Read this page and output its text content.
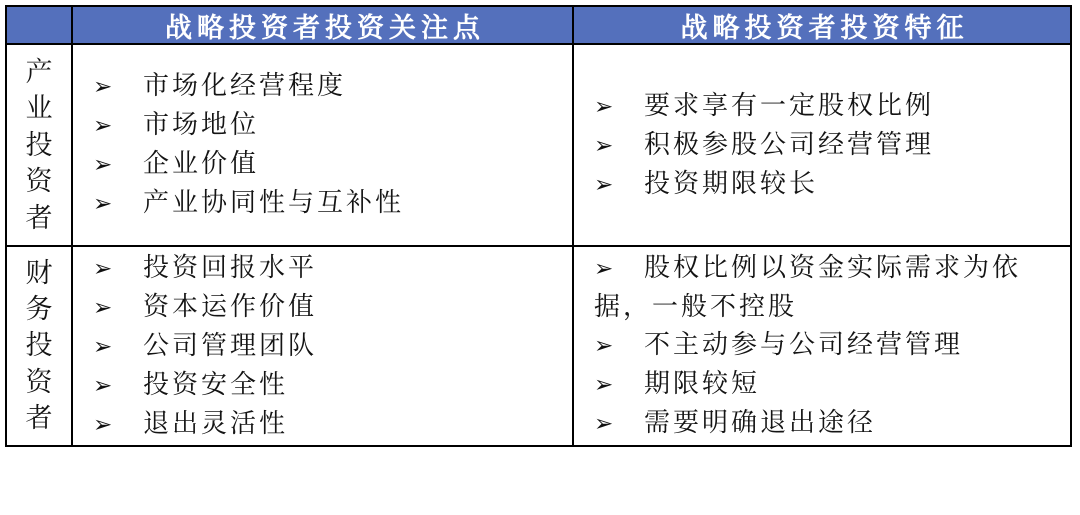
战略投资者投资关注点	战略投资者投资特征
产
业
投
资
者
➢ 市场化经营程度
➢ 市场地位
➢ 企业价值
➢ 产业协同性与互补性
➢ 要求享有一定股权比例
➢ 积极参股公司经营管理
➢ 投资期限较长
财
务
投
资
者
➢ 投资回报水平
➢ 资本运作价值
➢ 公司管理团队
➢ 投资安全性
➢ 退出灵活性
➢ 股权比例以资金实际需求为依据，一般不控股
➢ 不主动参与公司经营管理
➢ 期限较短
➢ 需要明确退出途径
